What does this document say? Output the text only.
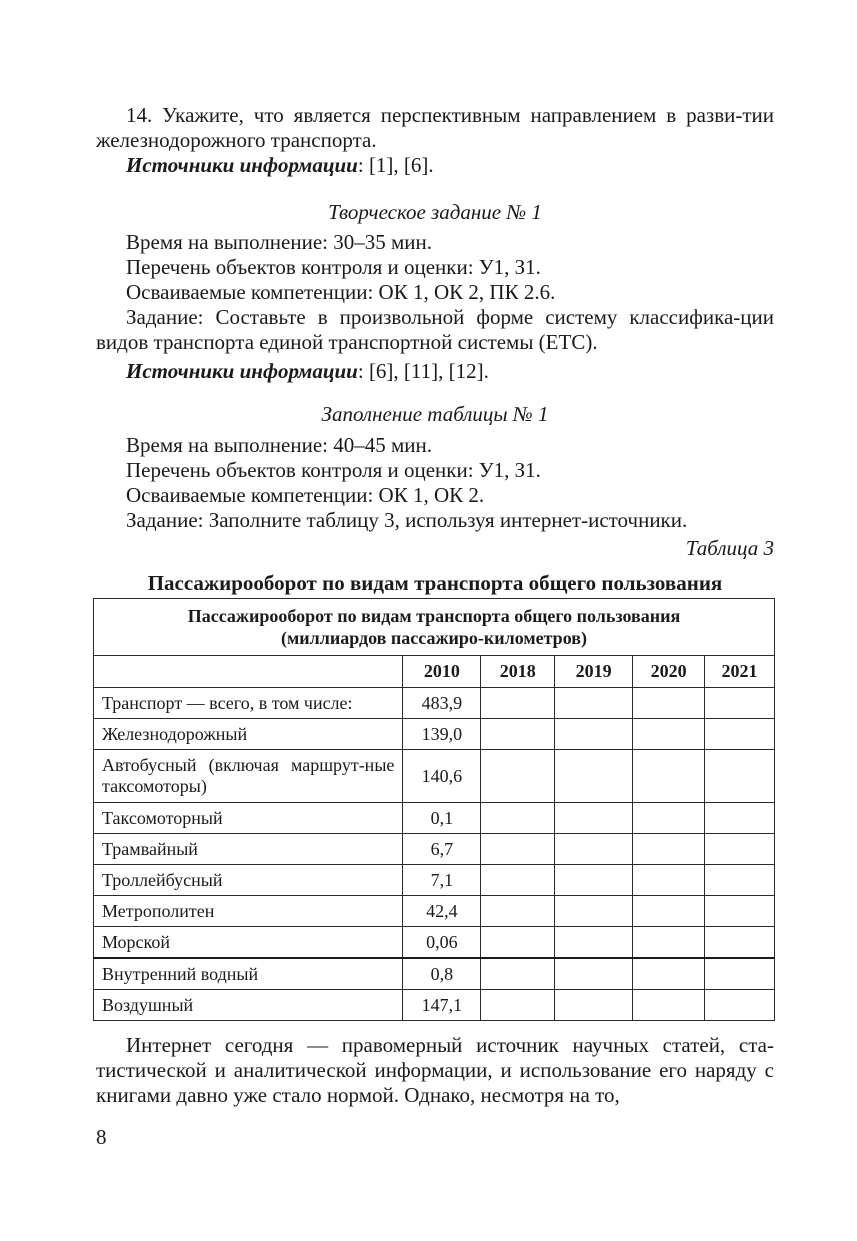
14. Укажите, что является перспективным направлением в разви-тии железнодорожного транспорта.

Источники информации: [1], [6].

Творческое задание № 1

Время на выполнение: 30–35 мин.

Перечень объектов контроля и оценки: У1, З1.

Осваиваемые компетенции: ОК 1, ОК 2, ПК 2.6.

Задание: Составьте в произвольной форме систему классифика-ции видов транспорта единой транспортной системы (ЕТС).

Источники информации: [6], [11], [12].

Заполнение таблицы № 1

Время на выполнение: 40–45 мин.

Перечень объектов контроля и оценки: У1, З1.

Осваиваемые компетенции: ОК 1, ОК 2.

Задание: Заполните таблицу 3, используя интернет-источники.

Таблица 3

Пассажирооборот по видам транспорта общего пользования

Пассажирооборот по видам транспорта общего пользования
(миллиардов пассажиро-километров)					
	2010	2018	2019	2020	2021
Транспорт — всего, в том числе:	483,9				
Железнодорожный	139,0				
Автобусный (включая маршрут-ные таксомоторы)	140,6				
Таксомоторный	0,1				
Трамвайный	6,7				
Троллейбусный	7,1				
Метрополитен	42,4				
Морской	0,06				
Внутренний водный	0,8				
Воздушный	147,1				

Интернет сегодня — правомерный источник научных статей, ста-тистической и аналитической информации, и использование его наряду с книгами давно уже стало нормой. Однако, несмотря на то,

8
